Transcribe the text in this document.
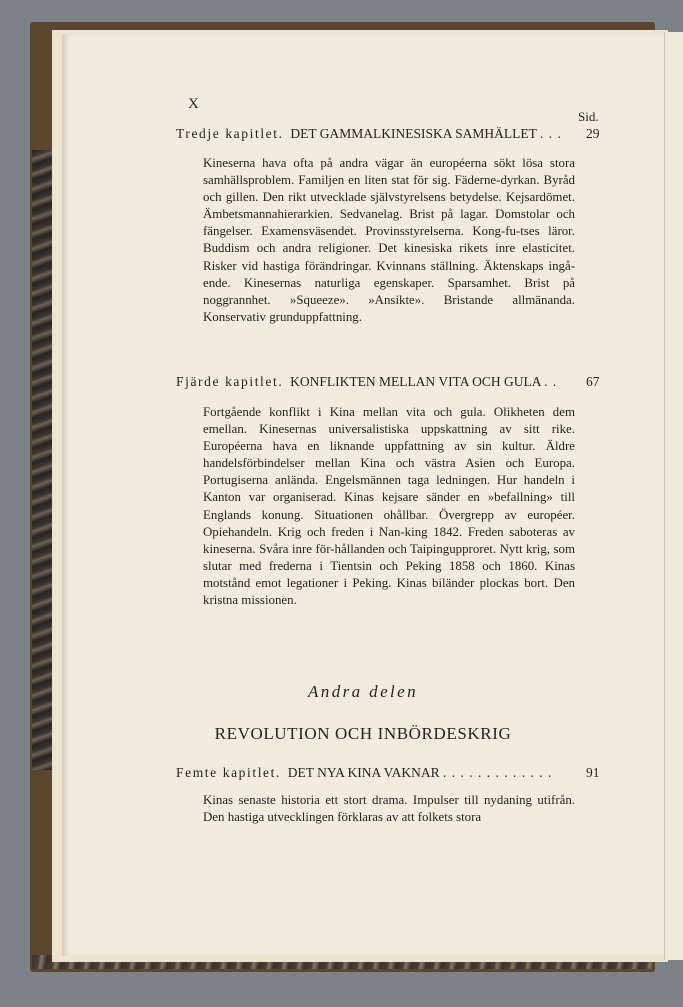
X
Sid.
Tredje kapitlet. DET GAMMALKINESISKA SAMHÄLLET . . . 29
Kineserna hava ofta på andra vägar än européerna sökt lösa stora samhällsproblem. Familjen en liten stat för sig. Fäderne-dyrkan. Byråd och gillen. Den rikt utvecklade självstyrelsens betydelse. Kejsardömet. Ämbetsmannahierarkien. Sedvanelag. Brist på lagar. Domstolar och fängelser. Examensväsendet. Provinsstyrelserna. Kong-fu-tses läror. Buddism och andra religioner. Det kinesiska rikets inre elasticitet. Risker vid hastiga förändringar. Kvinnans ställning. Äktenskaps ingå-ende. Kinesernas naturliga egenskaper. Sparsamhet. Brist på noggrannhet. »Squeeze». »Ansikte». Bristande allmänanda. Konservativ grunduppfattning.
Fjärde kapitlet. KONFLIKTEN MELLAN VITA OCH GULA . . 67
Fortgående konflikt i Kina mellan vita och gula. Olikheten dem emellan. Kinesernas universalistiska uppskattning av sitt rike. Européerna hava en liknande uppfattning av sin kultur. Äldre handelsförbindelser mellan Kina och västra Asien och Europa. Portugiserna anlända. Engelsmännen taga ledningen. Hur handeln i Kanton var organiserad. Kinas kejsare sänder en »befallning» till Englands konung. Situationen ohållbar. Övergrepp av européer. Opiehandeln. Krig och freden i Nan-king 1842. Freden saboteras av kineserna. Svåra inre för-hållanden och Taipingupproret. Nytt krig, som slutar med frederna i Tientsin och Peking 1858 och 1860. Kinas motstånd emot legationer i Peking. Kinas biländer plockas bort. Den kristna missionen.
Andra delen
REVOLUTION OCH INBÖRDESKRIG
Femte kapitlet. DET NYA KINA VAKNAR . . . . . . . . . . . . . 91
Kinas senaste historia ett stort drama. Impulser till nydaning utifrån. Den hastiga utvecklingen förklaras av att folkets stora
